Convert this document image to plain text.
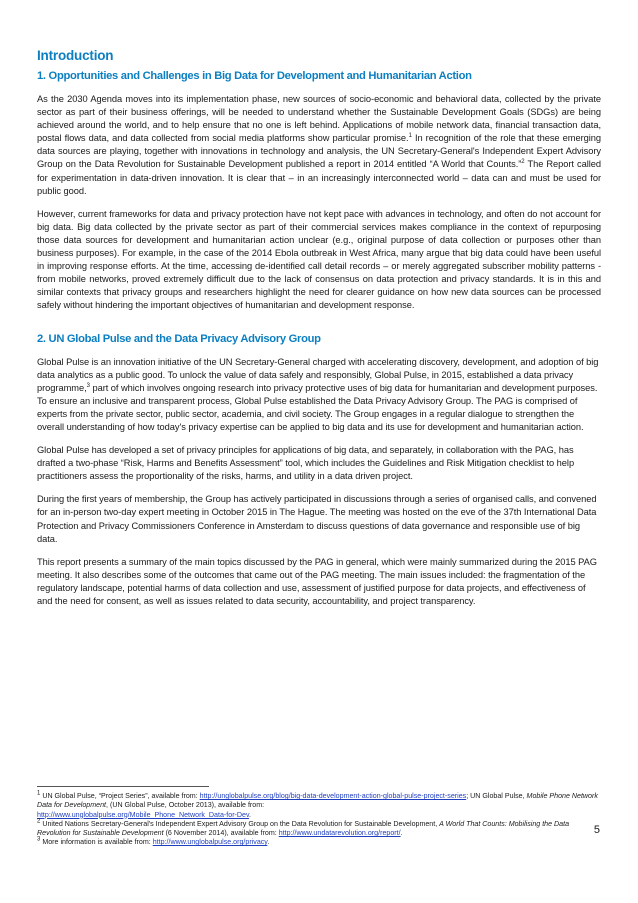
Introduction
1. Opportunities and Challenges in Big Data for Development and Humanitarian Action

As the 2030 Agenda moves into its implementation phase, new sources of socio-economic and behavioral data, collected by the private sector as part of their business offerings, will be needed to understand whether the Sustainable Development Goals (SDGs) are being achieved around the world, and to help ensure that no one is left behind. Applications of mobile network data, financial transaction data, postal flows data, and data collected from social media platforms show particular promise.$^1$ In recognition of the role that these emerging data sources are playing, together with innovations in technology and analysis, the UN Secretary-General's Independent Expert Advisory Group on the Data Revolution for Sustainable Development published a report in 2014 entitled “A World that Counts.”$^2$ The Report called for experimentation in data-driven innovation. It is clear that – in an increasingly interconnected world – data can and must be used for public good.

However, current frameworks for data and privacy protection have not kept pace with advances in technology, and often do not account for big data. Big data collected by the private sector as part of their commercial services makes compliance in the context of repurposing those data sources for development and humanitarian action unclear (e.g., original purpose of data collection or purposes other than business purposes). For example, in the case of the 2014 Ebola outbreak in West Africa, many argue that big data could have been useful in improving response efforts. At the time, accessing de-identified call detail records – or merely aggregated subscriber mobility patterns - from mobile networks, proved extremely difficult due to the lack of consensus on data protection and privacy standards. It is in this and similar contexts that privacy groups and researchers highlight the need for clearer guidance on how new data sources can be processed safely without hindering the important objectives of humanitarian and development response.

2. UN Global Pulse and the Data Privacy Advisory Group

Global Pulse is an innovation initiative of the UN Secretary-General charged with accelerating discovery, development, and adoption of big data analytics as a public good. To unlock the value of data safely and responsibly, Global Pulse, in 2015, established a data privacy programme,$^3$ part of which involves ongoing research into privacy protective uses of big data for humanitarian and development purposes. To ensure an inclusive and transparent process, Global Pulse established the Data Privacy Advisory Group. The PAG is comprised of experts from the private sector, public sector, academia, and civil society. The Group engages in a regular dialogue to strengthen the overall understanding of how today's privacy expertise can be applied to big data and its use for development and humanitarian action.

Global Pulse has developed a set of privacy principles for applications of big data, and separately, in collaboration with the PAG, has drafted a two-phase “Risk, Harms and Benefits Assessment” tool, which includes the Guidelines and Risk Mitigation checklist to help practitioners assess the proportionality of the risks, harms, and utility in a data driven project.

During the first years of membership, the Group has actively participated in discussions through a series of organised calls, and convened for an in-person two-day expert meeting in October 2015 in The Hague. The meeting was hosted on the eve of the 37th International Data Protection and Privacy Commissioners Conference in Amsterdam to discuss questions of data governance and responsible use of big data.

This report presents a summary of the main topics discussed by the PAG in general, which were mainly summarized during the 2015 PAG meeting. It also describes some of the outcomes that came out of the PAG meeting. The main issues included: the fragmentation of the regulatory landscape, potential harms of data collection and use, assessment of justified purpose for data projects, and effectiveness of and the need for consent, as well as issues related to data security, accountability, and project transparency.

$^1$ UN Global Pulse, “Project Series”, available from: http://unglobalpulse.org/blog/big-data-development-action-global-pulse-project-series; UN Global Pulse, Mobile Phone Network Data for Development, (UN Global Pulse, October 2013), available from:
http://www.unglobalpulse.org/Mobile_Phone_Network_Data-for-Dev.
$^2$ United Nations Secretary-General's Independent Expert Advisory Group on the Data Revolution for Sustainable Development, A World That Counts: Mobilising the Data Revolution for Sustainable Development (6 November 2014), available from: http://www.undatarevolution.org/report/.
$^3$ More information is available from: http://www.unglobalpulse.org/privacy.
5
